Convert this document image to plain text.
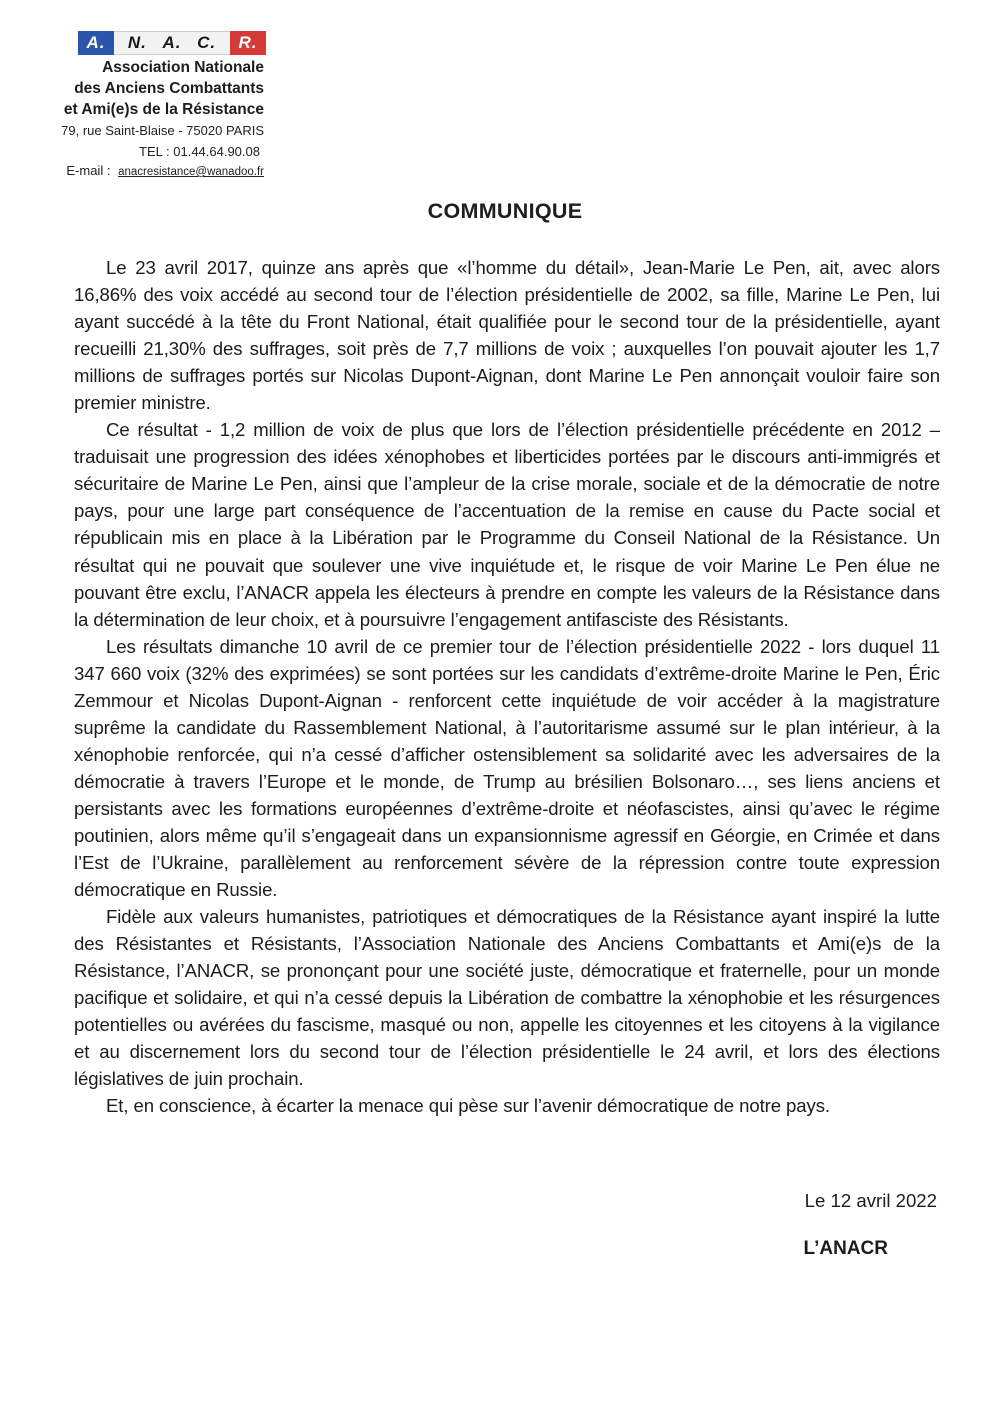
A.	N. A. C.	R.
Association Nationale
des Anciens Combattants
et Ami(e)s de la Résistance
79, rue Saint-Blaise - 75020 PARIS
TEL : 01.44.64.90.08
E-mail : anacresistance@wanadoo.fr
COMMUNIQUE

Le 23 avril 2017, quinze ans après que «l’homme du détail», Jean-Marie Le Pen, ait, avec alors 16,86% des voix accédé au second tour de l’élection présidentielle de 2002, sa fille, Marine Le Pen, lui ayant succédé à la tête du Front National, était qualifiée pour le second tour de la présidentielle, ayant recueilli 21,30% des suffrages, soit près de 7,7 millions de voix ; auxquelles l’on pouvait ajouter les 1,7 millions de suffrages portés sur Nicolas Dupont-Aignan, dont Marine Le Pen annonçait vouloir faire son premier ministre.

Ce résultat - 1,2 million de voix de plus que lors de l’élection présidentielle précédente en 2012 – traduisait une progression des idées xénophobes et liberticides portées par le discours anti-immigrés et sécuritaire de Marine Le Pen, ainsi que l’ampleur de la crise morale, sociale et de la démocratie de notre pays, pour une large part conséquence de l’accentuation de la remise en cause du Pacte social et républicain mis en place à la Libération par le Programme du Conseil National de la Résistance. Un résultat qui ne pouvait que soulever une vive inquiétude et, le risque de voir Marine Le Pen élue ne pouvant être exclu, l’ANACR appela les électeurs à prendre en compte les valeurs de la Résistance dans la détermination de leur choix, et à poursuivre l’engagement antifasciste des Résistants.

Les résultats dimanche 10 avril de ce premier tour de l’élection présidentielle 2022 - lors duquel 11 347 660 voix (32% des exprimées) se sont portées sur les candidats d’extrême-droite Marine le Pen, Éric Zemmour et Nicolas Dupont-Aignan - renforcent cette inquiétude de voir accéder à la magistrature suprême la candidate du Rassemblement National, à l’autoritarisme assumé sur le plan intérieur, à la xénophobie renforcée, qui n’a cessé d’afficher ostensiblement sa solidarité avec les adversaires de la démocratie à travers l’Europe et le monde, de Trump au brésilien Bolsonaro…, ses liens anciens et persistants avec les formations européennes d’extrême-droite et néofascistes, ainsi qu’avec le régime poutinien, alors même qu’il s’engageait dans un expansionnisme agressif en Géorgie, en Crimée et dans l’Est de l’Ukraine, parallèlement au renforcement sévère de la répression contre toute expression démocratique en Russie.

Fidèle aux valeurs humanistes, patriotiques et démocratiques de la Résistance ayant inspiré la lutte des Résistantes et Résistants, l’Association Nationale des Anciens Combattants et Ami(e)s de la Résistance, l’ANACR, se prononçant pour une société juste, démocratique et fraternelle, pour un monde pacifique et solidaire, et qui n’a cessé depuis la Libération de combattre la xénophobie et les résurgences potentielles ou avérées du fascisme, masqué ou non, appelle les citoyennes et les citoyens à la vigilance et au discernement lors du second tour de l’élection présidentielle le 24 avril, et lors des élections législatives de juin prochain.

Et, en conscience, à écarter la menace qui pèse sur l’avenir démocratique de notre pays.

Le 12 avril 2022
L’ANACR
